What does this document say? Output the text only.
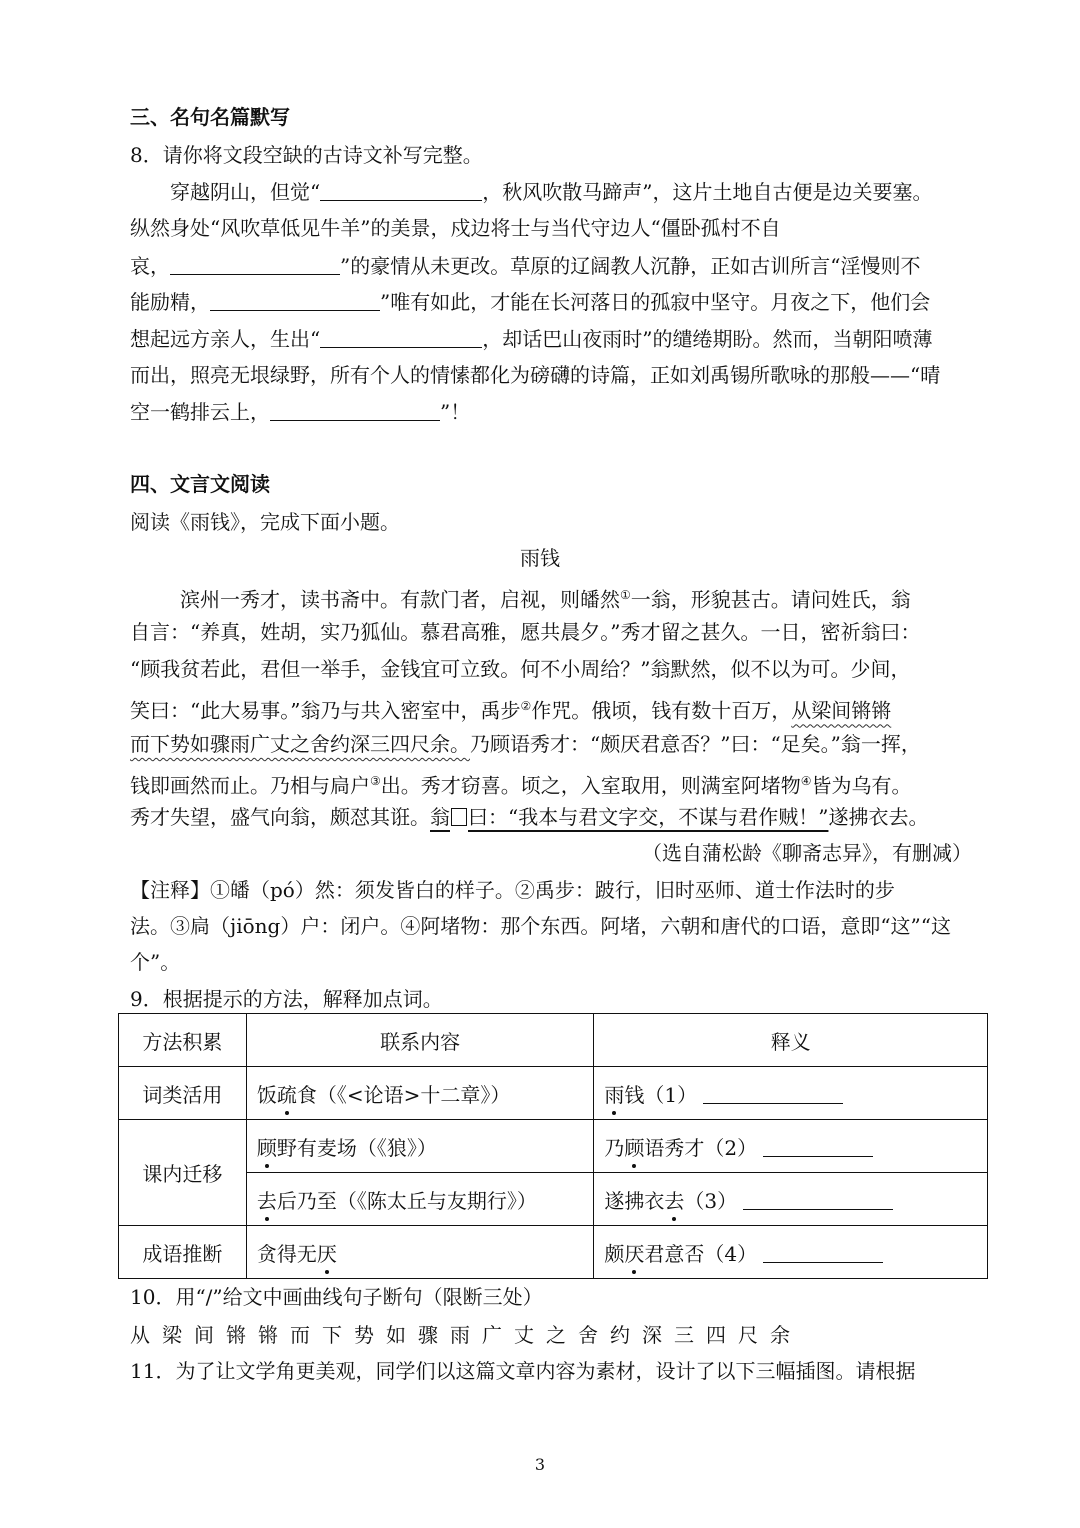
三、名句名篇默写
8．请你将文段空缺的古诗文补写完整。
穿越阴山，但觉“	，秋风吹散马蹄声”，这片土地自古便是边关要塞。
纵然身处“风吹草低见牛羊”的美景，戍边将士与当代守边人“僵卧孤村不自
哀，	”的豪情从未更改。草原的辽阔教人沉静，正如古训所言“淫慢则不
能励精，	”唯有如此，才能在长河落日的孤寂中坚守。月夜之下，他们会
想起远方亲人，生出“	，却话巴山夜雨时”的缱绻期盼。然而，当朝阳喷薄
而出，照亮无垠绿野，所有个人的情愫都化为磅礴的诗篇，正如刘禹锡所歌咏的那般——“晴
空一鹤排云上，	”！
四、文言文阅读
阅读《雨钱》，完成下面小题。
雨钱
滨州一秀才，读书斋中。有款门者，启视，则皤然①一翁，形貌甚古。请问姓氏，翁
自言：“养真，姓胡，实乃狐仙。慕君高雅，愿共晨夕。”秀才留之甚久。一日，密祈翁曰：
“顾我贫若此，君但一举手，金钱宜可立致。何不小周给？”翁默然，似不以为可。少间，
笑曰：“此大易事。”翁乃与共入密室中，禹步②作咒。俄顷，钱有数十百万，从梁间锵锵
而下势如骤雨广丈之舍约深三四尺余。乃顾语秀才：“颇厌君意否？”曰：“足矣。”翁一挥，
钱即画然而止。乃相与扃户③出。秀才窃喜。顷之，入室取用，则满室阿堵物④皆为乌有。
秀才失望，盛气向翁，颇怼其诳。翁 曰：“我本与君文字交，不谋与君作贼！”遂拂衣去。
（选自蒲松龄《聊斋志异》，有删减）
【注释】①皤（pó）然：须发皆白的样子。②禹步：跛行，旧时巫师、道士作法时的步
法。③扃（jiōng）户：闭户。④阿堵物：那个东西。阿堵，六朝和唐代的口语，意即“这”“这
个”。
9．根据提示的方法，解释加点词。
方法积累	联系内容	释义
词类活用	饭疏食（《<论语>十二章》）	雨钱（1）
课内迁移	顾野有麦场（《狼》）	乃顾语秀才（2）
	去后乃至（《陈太丘与友期行》）	遂拂衣去（3）
成语推断	贪得无厌	颇厌君意否（4）
10．用“/”给文中画曲线句子断句（限断三处）
从梁间锵锵而下势如骤雨广丈之舍约深三四尺余
11．为了让文学角更美观，同学们以这篇文章内容为素材，设计了以下三幅插图。请根据
3
